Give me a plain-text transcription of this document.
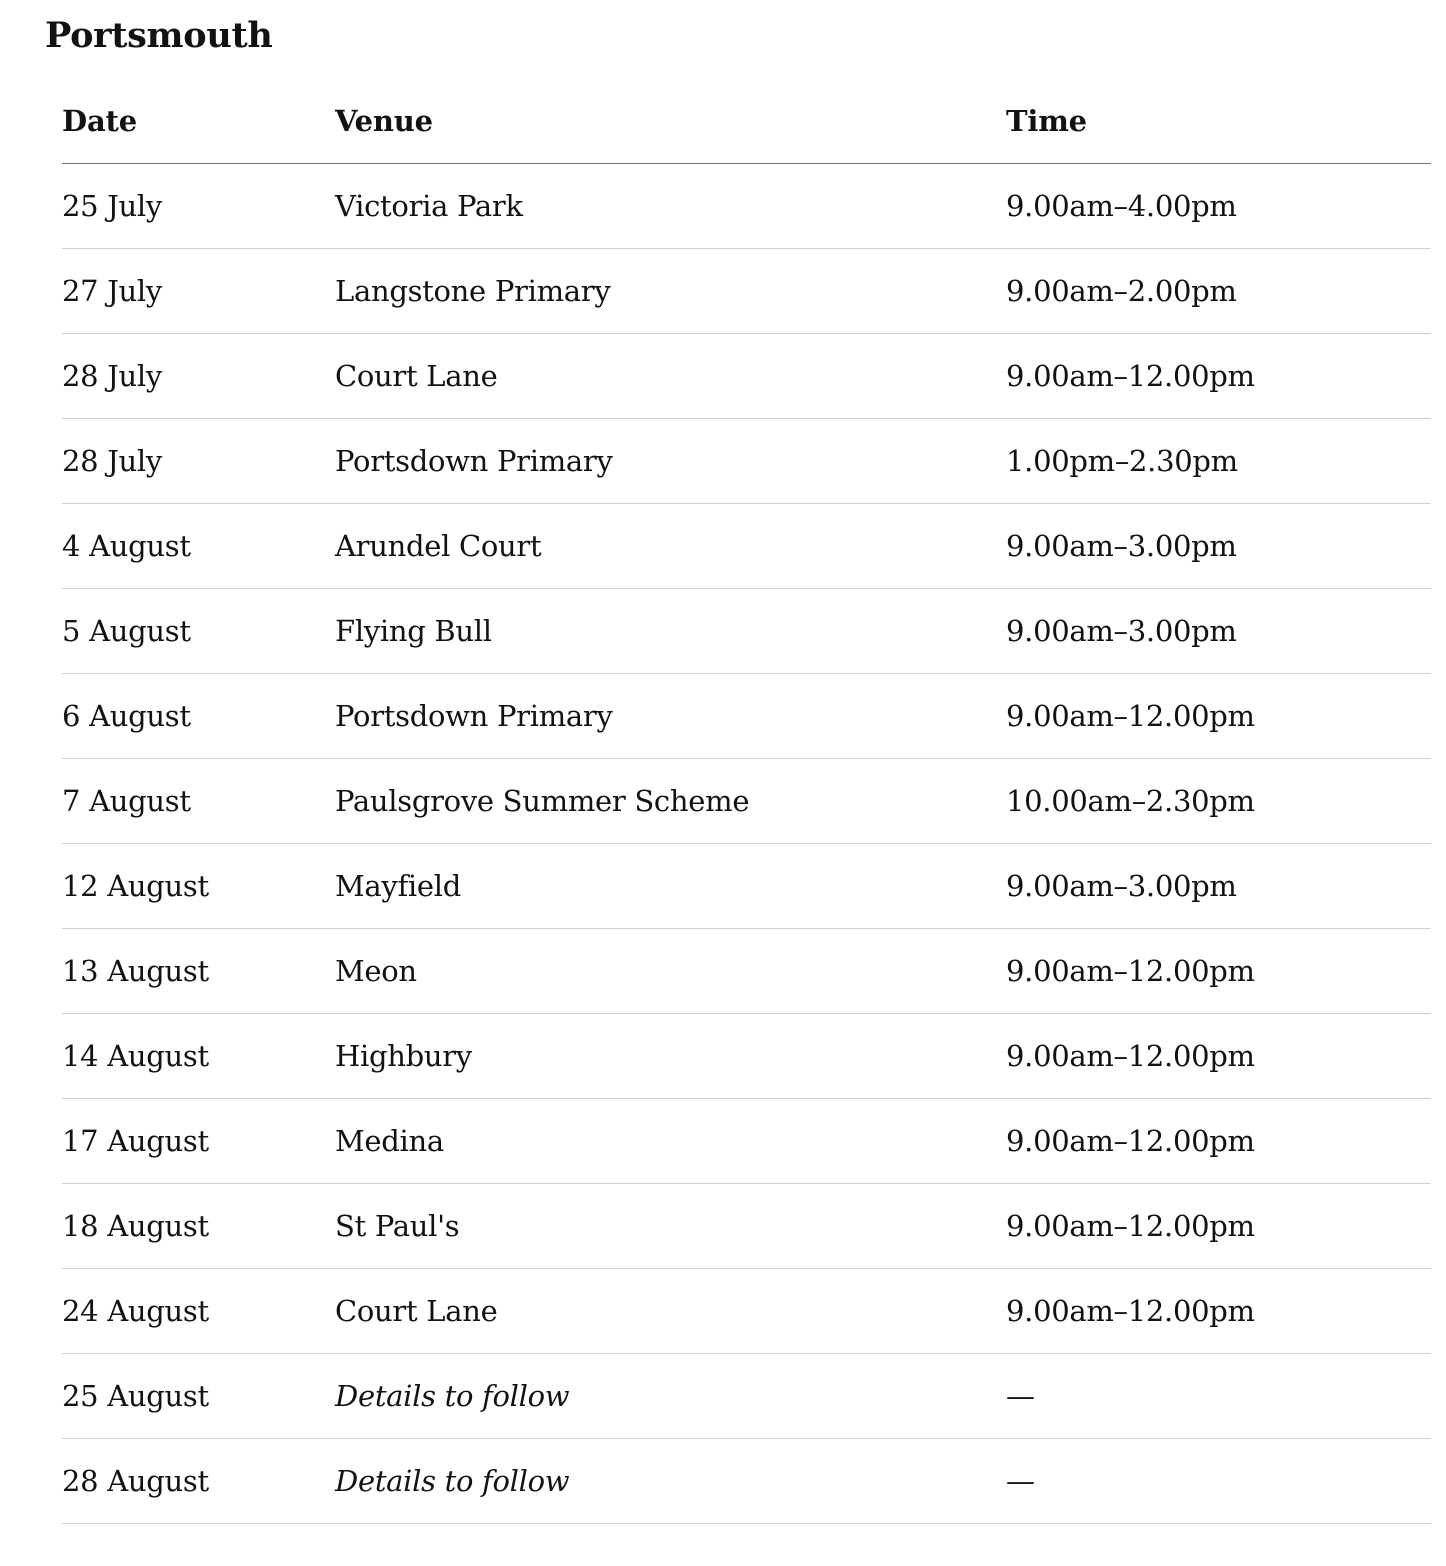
Portsmouth
Date	Venue	Time
25 July	Victoria Park	9.00am–4.00pm
27 July	Langstone Primary	9.00am–2.00pm
28 July	Court Lane	9.00am–12.00pm
28 July	Portsdown Primary	1.00pm–2.30pm
4 August	Arundel Court	9.00am–3.00pm
5 August	Flying Bull	9.00am–3.00pm
6 August	Portsdown Primary	9.00am–12.00pm
7 August	Paulsgrove Summer Scheme	10.00am–2.30pm
12 August	Mayfield	9.00am–3.00pm
13 August	Meon	9.00am–12.00pm
14 August	Highbury	9.00am–12.00pm
17 August	Medina	9.00am–12.00pm
18 August	St Paul's	9.00am–12.00pm
24 August	Court Lane	9.00am–12.00pm
25 August	Details to follow	—
28 August	Details to follow	—
